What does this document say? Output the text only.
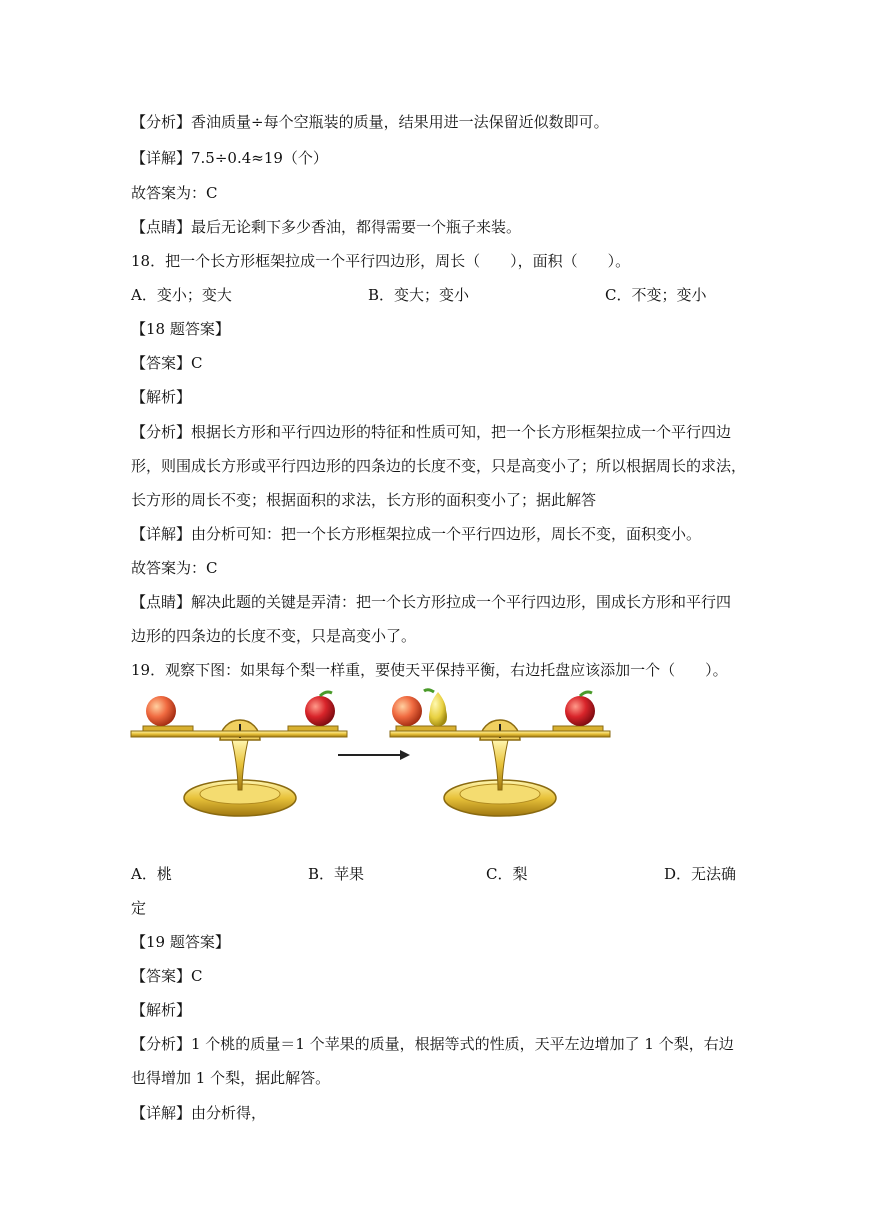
【分析】香油质量÷每个空瓶装的质量，结果用进一法保留近似数即可。
【详解】7.5÷0.4≈19（个）
故答案为：C
【点睛】最后无论剩下多少香油，都得需要一个瓶子来装。
18．把一个长方形框架拉成一个平行四边形，周长（　　），面积（　　）。
A．变小；变大	B．变大；变小	C．不变；变小
【18 题答案】
【答案】C
【解析】
【分析】根据长方形和平行四边形的特征和性质可知，把一个长方形框架拉成一个平行四边
形，则围成长方形或平行四边形的四条边的长度不变，只是高变小了；所以根据周长的求法，
长方形的周长不变；根据面积的求法，长方形的面积变小了；据此解答
【详解】由分析可知：把一个长方形框架拉成一个平行四边形，周长不变，面积变小。
故答案为：C
【点睛】解决此题的关键是弄清：把一个长方形拉成一个平行四边形，围成长方形和平行四
边形的四条边的长度不变，只是高变小了。
19．观察下图：如果每个梨一样重，要使天平保持平衡，右边托盘应该添加一个（　　）。
A．桃	B．苹果	C．梨	D．无法确
定
【19 题答案】
【答案】C
【解析】
【分析】1 个桃的质量＝1 个苹果的质量，根据等式的性质，天平左边增加了 1 个梨，右边
也得增加 1 个梨，据此解答。
【详解】由分析得，
